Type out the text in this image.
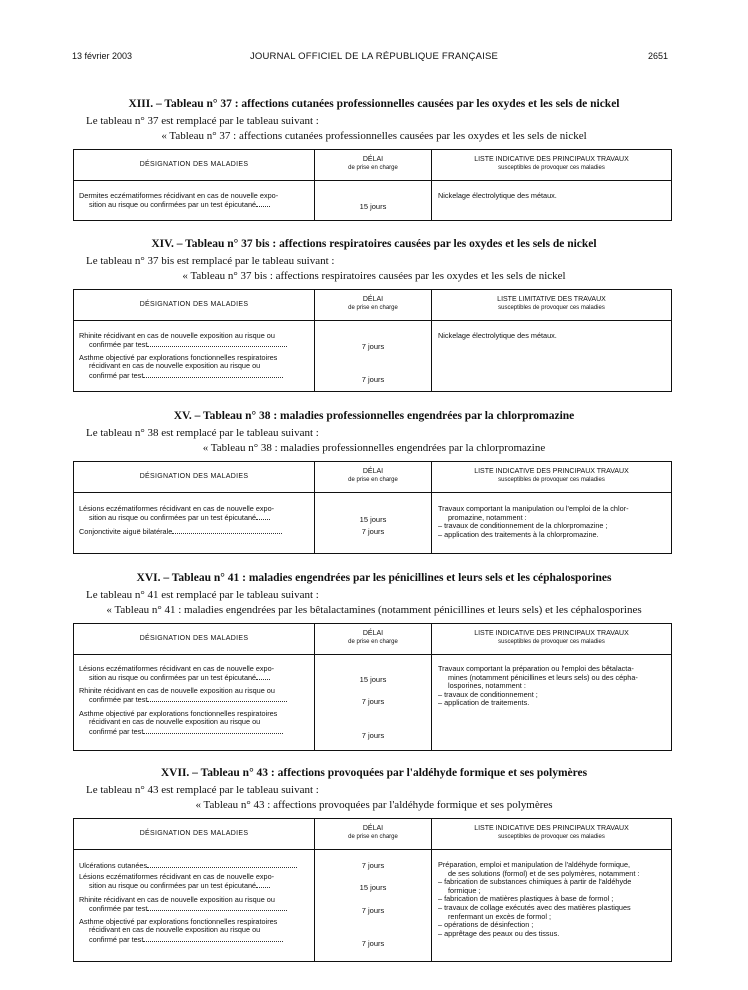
13 février 2003	JOURNAL OFFICIEL DE LA RÉPUBLIQUE FRANÇAISE	2651
XIII. – Tableau n° 37 : affections cutanées professionnelles causées par les oxydes et les sels de nickel
Le tableau n° 37 est remplacé par le tableau suivant :
« Tableau n° 37 : affections cutanées professionnelles causées par les oxydes et les sels de nickel
DÉSIGNATION DES MALADIES
DÉLAI
de prise en charge
LISTE INDICATIVE DES PRINCIPAUX TRAVAUX
susceptibles de provoquer ces maladies
Dermites eczématiformes récidivant en cas de nouvelle expo-
sition au risque ou confirmées par un test épicutané	15 jours
Nickelage électrolytique des métaux.
XIV. – Tableau n° 37 bis : affections respiratoires causées par les oxydes et les sels de nickel
Le tableau n° 37 bis est remplacé par le tableau suivant :
« Tableau n° 37 bis : affections respiratoires causées par les oxydes et les sels de nickel
DÉSIGNATION DES MALADIES
DÉLAI
de prise en charge
LISTE LIMITATIVE DES TRAVAUX
susceptibles de provoquer ces maladies
Rhinite récidivant en cas de nouvelle exposition au risque ou
confirmée par test	7 jours
Asthme objectivé par explorations fonctionnelles respiratoires
récidivant en cas de nouvelle exposition au risque ou
confirmé par test	7 jours
Nickelage électrolytique des métaux.
XV. – Tableau n° 38 : maladies professionnelles engendrées par la chlorpromazine
Le tableau n° 38 est remplacé par le tableau suivant :
« Tableau n° 38 : maladies professionnelles engendrées par la chlorpromazine
DÉSIGNATION DES MALADIES
DÉLAI
de prise en charge
LISTE INDICATIVE DES PRINCIPAUX TRAVAUX
susceptibles de provoquer ces maladies
Lésions eczématiformes récidivant en cas de nouvelle expo-
sition au risque ou confirmées par un test épicutané	15 jours
Conjonctivite aiguë bilatérale	7 jours
Travaux comportant la manipulation ou l'emploi de la chlor-

promazine, notamment :
– travaux de conditionnement de la chlorpromazine ;
– application des traitements à la chlorpromazine.
XVI. – Tableau n° 41 : maladies engendrées par les pénicillines et leurs sels et les céphalosporines
Le tableau n° 41 est remplacé par le tableau suivant :
« Tableau n° 41 : maladies engendrées par les bêtalactamines (notamment pénicillines et leurs sels) et les céphalosporines
DÉSIGNATION DES MALADIES
DÉLAI
de prise en charge
LISTE INDICATIVE DES PRINCIPAUX TRAVAUX
susceptibles de provoquer ces maladies
Lésions eczématiformes récidivant en cas de nouvelle expo-
sition au risque ou confirmées par un test épicutané	15 jours
Rhinite récidivant en cas de nouvelle exposition au risque ou
confirmée par test	7 jours
Asthme objectivé par explorations fonctionnelles respiratoires
récidivant en cas de nouvelle exposition au risque ou
confirmé par test	7 jours
Travaux comportant la préparation ou l'emploi des bêtalacta-

mines (notamment pénicillines et leurs sels) ou des cépha-
losporines, notamment :
– travaux de conditionnement ;
– application de traitements.
XVII. – Tableau n° 43 : affections provoquées par l'aldéhyde formique et ses polymères
Le tableau n° 43 est remplacé par le tableau suivant :
« Tableau n° 43 : affections provoquées par l'aldéhyde formique et ses polymères
DÉSIGNATION DES MALADIES
DÉLAI
de prise en charge
LISTE INDICATIVE DES PRINCIPAUX TRAVAUX
susceptibles de provoquer ces maladies
Ulcérations cutanées	7 jours
Lésions eczématiformes récidivant en cas de nouvelle expo-
sition au risque ou confirmées par un test épicutané	15 jours
Rhinite récidivant en cas de nouvelle exposition au risque ou
confirmée par test	7 jours
Asthme objectivé par explorations fonctionnelles respiratoires
récidivant en cas de nouvelle exposition au risque ou
confirmé par test	7 jours
Préparation, emploi et manipulation de l'aldéhyde formique,

de ses solutions (formol) et de ses polymères, notamment :
– fabrication de substances chimiques à partir de l'aldéhyde

formique ;
– fabrication de matières plastiques à base de formol ;
– travaux de collage exécutés avec des matières plastiques

renfermant un excès de formol ;
– opérations de désinfection ;
– apprêtage des peaux ou des tissus.
